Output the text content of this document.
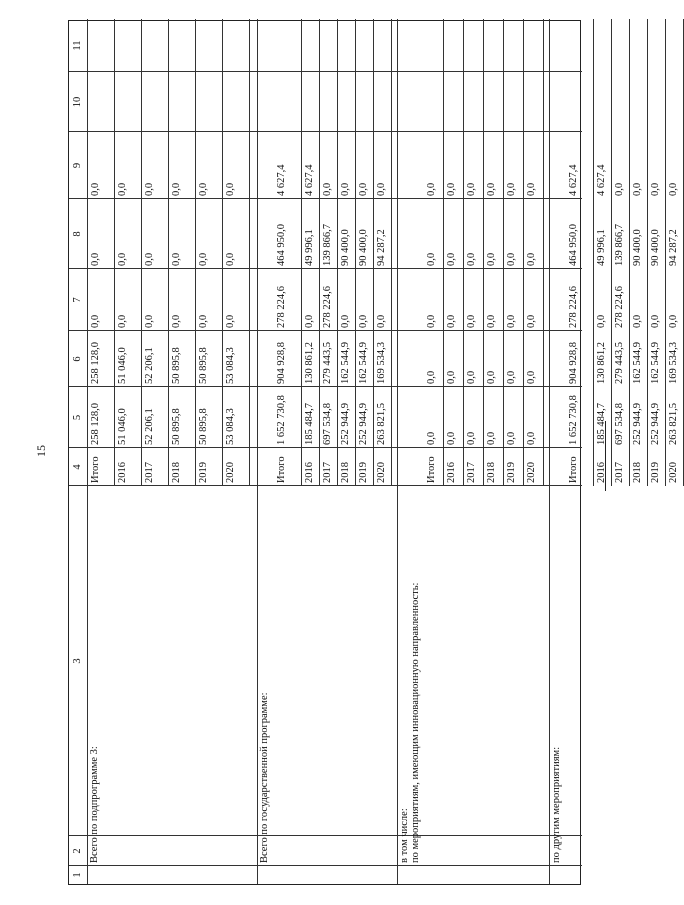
15
1
2
3
4
5
6
7
8
9
10
11
Всего по подпрограмме 3:
Итого
258 128,0
258 128,0
0,0
0,0
0,0
2016
51 046,0
51 046,0
0,0
0,0
0,0
2017
52 206,1
52 206,1
0,0
0,0
0,0
2018
50 895,8
50 895,8
0,0
0,0
0,0
2019
50 895,8
50 895,8
0,0
0,0
0,0
2020
53 084,3
53 084,3
0,0
0,0
0,0
Всего по государственной программе:
Итого
1 652 730,8
904 928,8
278 224,6
464 950,0
4 627,4
2016
185 484,7
130 861,2
0,0
49 996,1
4 627,4
2017
697 534,8
279 443,5
278 224,6
139 866,7
0,0
2018
252 944,9
162 544,9
0,0
90 400,0
0,0
2019
252 944,9
162 544,9
0,0
90 400,0
0,0
2020
263 821,5
169 534,3
0,0
94 287,2
0,0
в том числе: по мероприятиям, имеющим инновационную направленность:
Итого
0,0
0,0
0,0
0,0
0,0
2016
0,0
0,0
0,0
0,0
0,0
2017
0,0
0,0
0,0
0,0
0,0
2018
0,0
0,0
0,0
0,0
0,0
2019
0,0
0,0
0,0
0,0
0,0
2020
0,0
0,0
0,0
0,0
0,0
по другим мероприятиям:
Итого
1 652 730,8
904 928,8
278 224,6
464 950,0
4 627,4
2016
185 484,7
130 861,2
0,0
49 996,1
4 627,4
2017
697 534,8
279 443,5
278 224,6
139 866,7
0,0
2018
252 944,9
162 544,9
0,0
90 400,0
0,0
2019
252 944,9
162 544,9
0,0
90 400,0
0,0
2020
263 821,5
169 534,3
0,0
94 287,2
0,0
